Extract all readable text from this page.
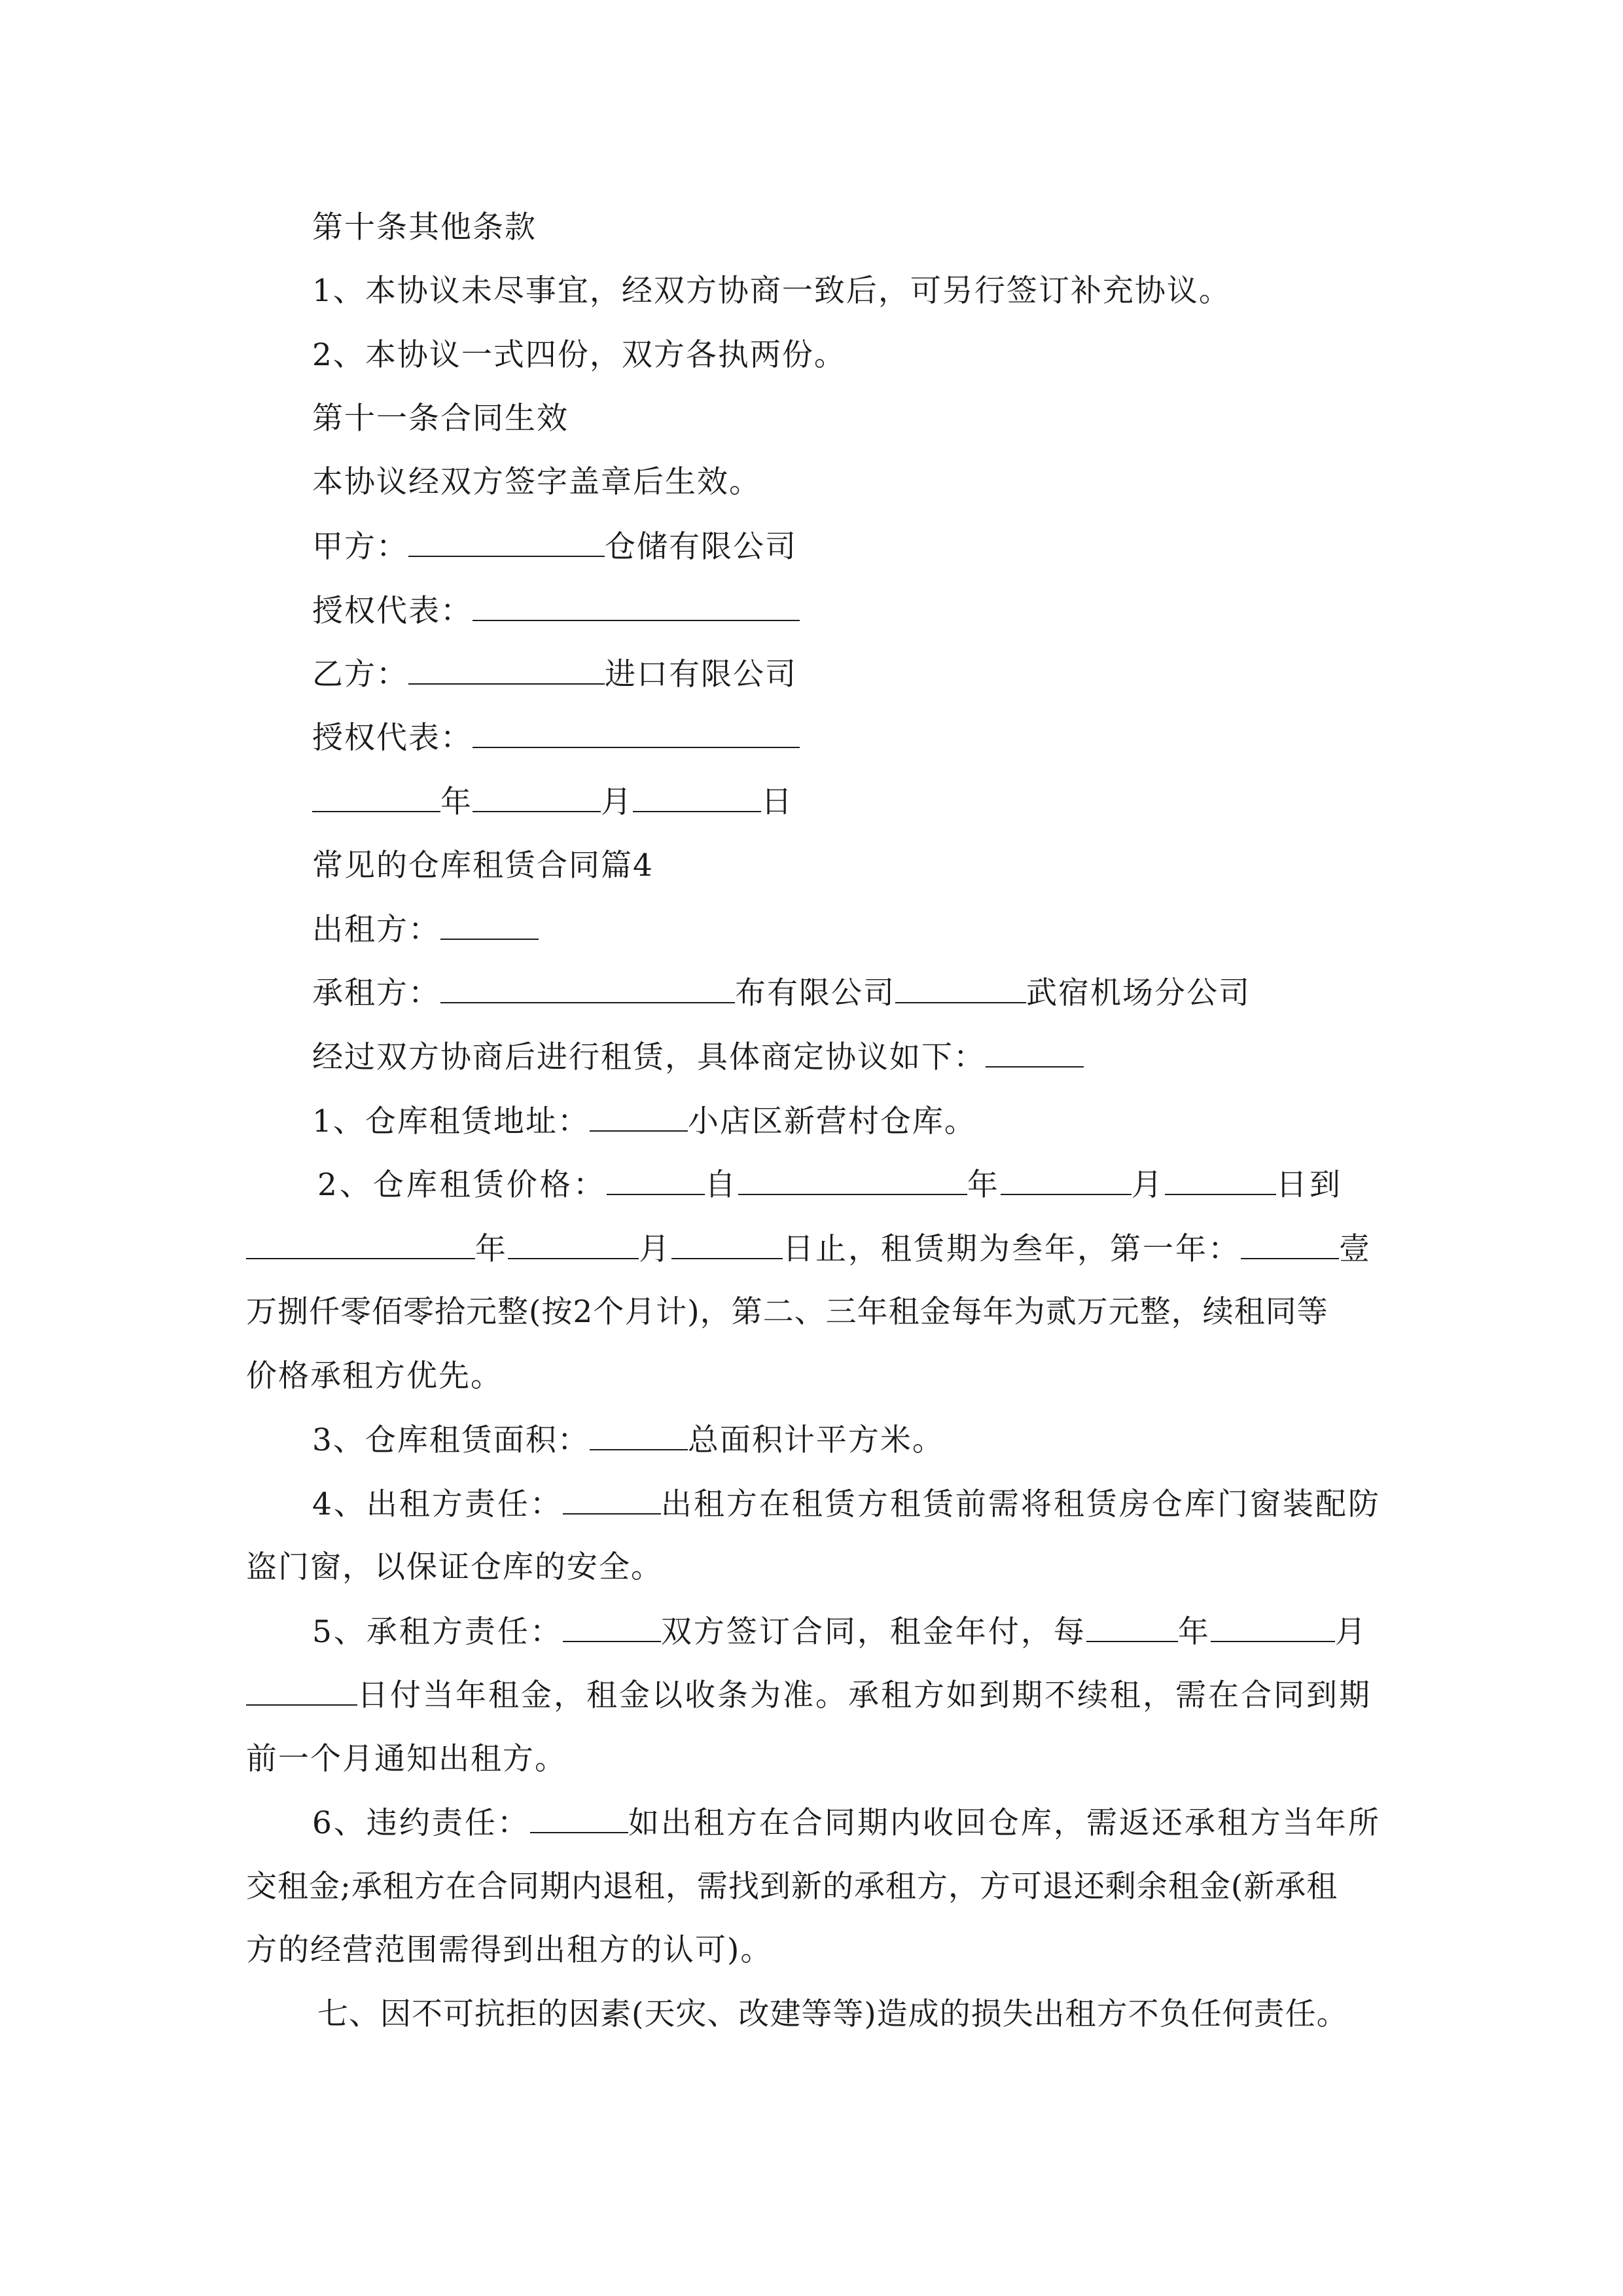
第十条其他条款
1、本协议未尽事宜，经双方协商一致后，可另行签订补充协议。
2、本协议一式四份，双方各执两份。
第十一条合同生效
本协议经双方签字盖章后生效。
甲方：	仓储有限公司
授权代表：
乙方：	进口有限公司
授权代表：
年	月	日
常见的仓库租赁合同篇4
出租方：
承租方：	布有限公司	武宿机场分公司
经过双方协商后进行租赁，具体商定协议如下：
1、仓库租赁地址：	小店区新营村仓库。
2、仓库租赁价格：	自	年	月	日到
年	月	日止，租赁期为叁年，第一年：	壹
万捌仟零佰零拾元整(按2个月计)，第二、三年租金每年为贰万元整，续租同等
价格承租方优先。
3、仓库租赁面积：	总面积计平方米。
4、出租方责任：	出租方在租赁方租赁前需将租赁房仓库门窗装配防
盗门窗，以保证仓库的安全。
5、承租方责任：	双方签订合同，租金年付，每	年	月
日付当年租金，租金以收条为准。承租方如到期不续租，需在合同到期
前一个月通知出租方。
6、违约责任：	如出租方在合同期内收回仓库，需返还承租方当年所
交租金;承租方在合同期内退租，需找到新的承租方，方可退还剩余租金(新承租
方的经营范围需得到出租方的认可)。
七、因不可抗拒的因素(天灾、改建等等)造成的损失出租方不负任何责任。
